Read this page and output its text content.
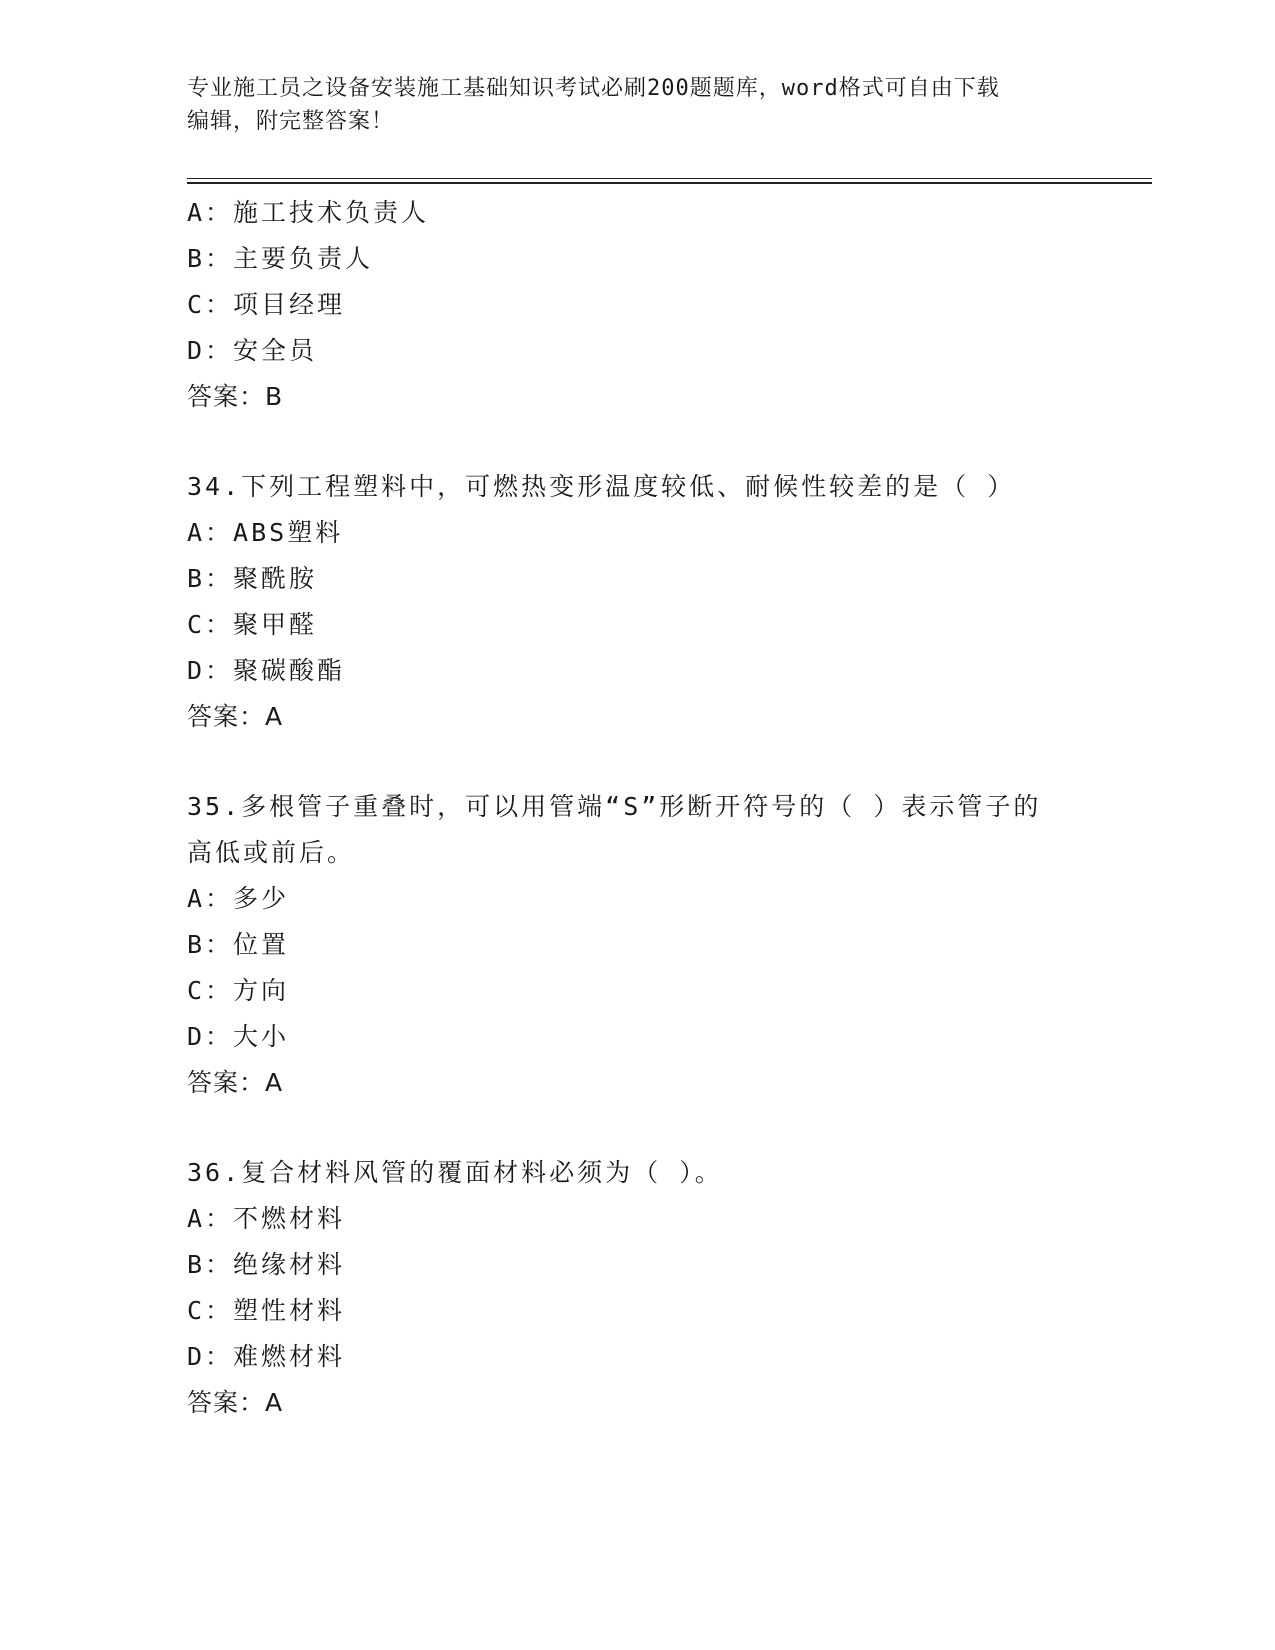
专业施工员之设备安装施工基础知识考试必刷200题题库，word格式可自由下载
编辑，附完整答案！
A：施工技术负责人
B：主要负责人
C：项目经理
D：安全员
答案：B
34.下列工程塑料中，可燃热变形温度较低、耐候性较差的是（ ）
A：ABS塑料
B：聚酰胺
C：聚甲醛
D：聚碳酸酯
答案：A
35.多根管子重叠时，可以用管端“S”形断开符号的（ ）表示管子的
高低或前后。
A：多少
B：位置
C：方向
D：大小
答案：A
36.复合材料风管的覆面材料必须为（ ）。
A：不燃材料
B：绝缘材料
C：塑性材料
D：难燃材料
答案：A
